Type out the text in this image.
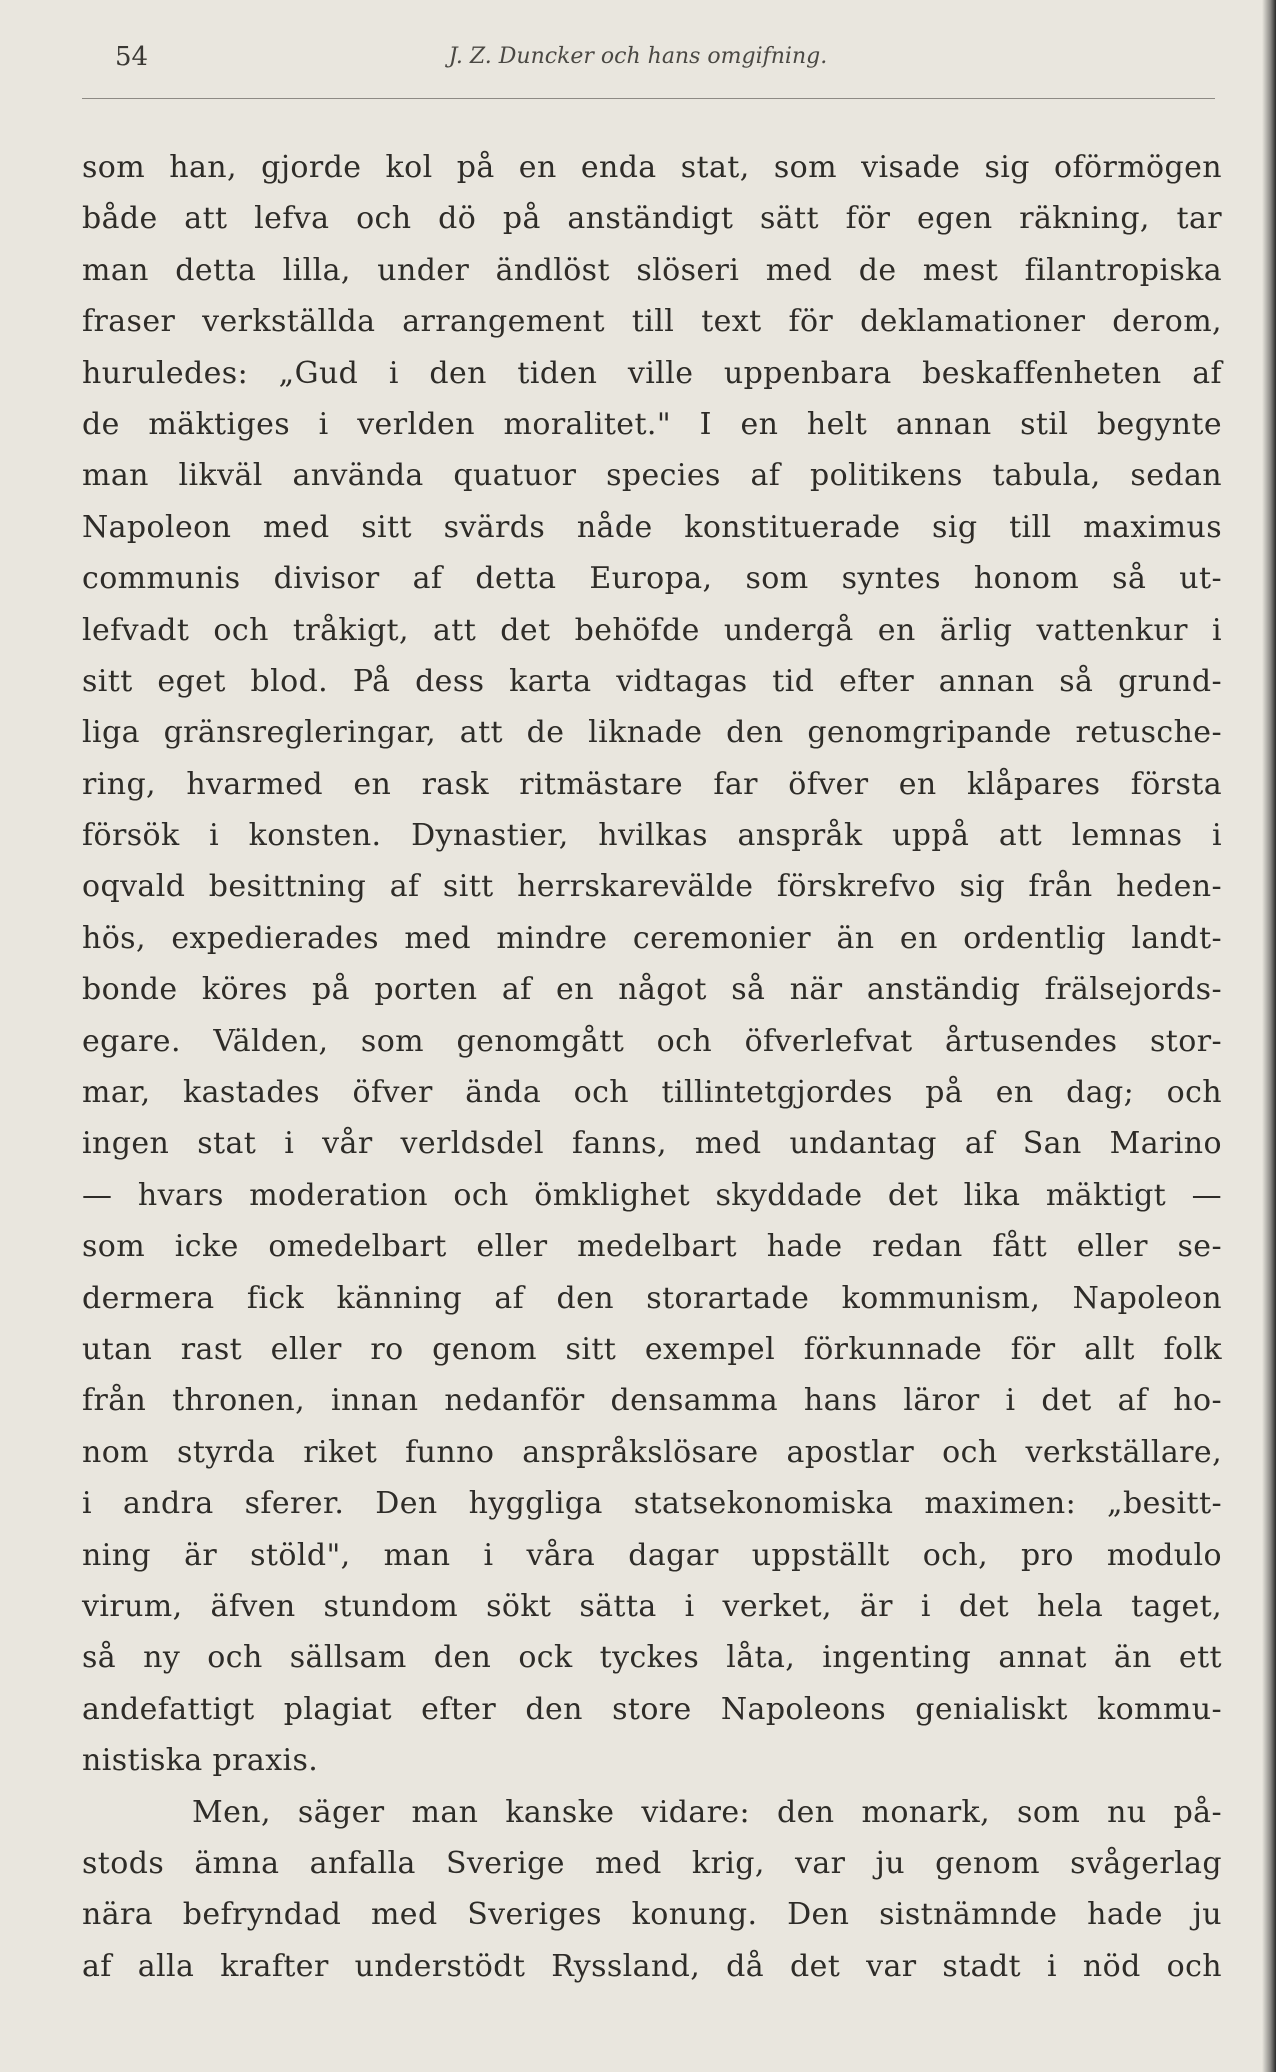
54	J. Z. Duncker och hans omgifning.
som han, gjorde kol på en enda stat, som visade sig oförmögen
både att lefva och dö på anständigt sätt för egen räkning, tar
man detta lilla, under ändlöst slöseri med de mest filantropiska
fraser verkställda arrangement till text för deklamationer derom,
huruledes: „Gud i den tiden ville uppenbara beskaffenheten af
de mäktiges i verlden moralitet." I en helt annan stil begynte
man likväl använda quatuor species af politikens tabula, sedan
Napoleon med sitt svärds nåde konstituerade sig till maximus
communis divisor af detta Europa, som syntes honom så ut-
lefvadt och tråkigt, att det behöfde undergå en ärlig vattenkur i
sitt eget blod. På dess karta vidtagas tid efter annan så grund-
liga gränsregleringar, att de liknade den genomgripande retusche-
ring, hvarmed en rask ritmästare far öfver en klåpares första
försök i konsten. Dynastier, hvilkas anspråk uppå att lemnas i
oqvald besittning af sitt herrskarevälde förskrefvo sig från heden-
hös, expedierades med mindre ceremonier än en ordentlig landt-
bonde köres på porten af en något så när anständig frälsejords-
egare. Välden, som genomgått och öfverlefvat årtusendes stor-
mar, kastades öfver ända och tillintetgjordes på en dag; och
ingen stat i vår verldsdel fanns, med undantag af San Marino
— hvars moderation och ömklighet skyddade det lika mäktigt —
som icke omedelbart eller medelbart hade redan fått eller se-
dermera fick känning af den storartade kommunism, Napoleon
utan rast eller ro genom sitt exempel förkunnade för allt folk
från thronen, innan nedanför densamma hans läror i det af ho-
nom styrda riket funno anspråkslösare apostlar och verkställare,
i andra sferer. Den hyggliga statsekonomiska maximen: „besitt-
ning är stöld", man i våra dagar uppställt och, pro modulo
virum, äfven stundom sökt sätta i verket, är i det hela taget,
så ny och sällsam den ock tyckes låta, ingenting annat än ett
andefattigt plagiat efter den store Napoleons genialiskt kommu-
nistiska praxis.
Men, säger man kanske vidare: den monark, som nu på-
stods ämna anfalla Sverige med krig, var ju genom svågerlag
nära befryndad med Sveriges konung. Den sistnämnde hade ju
af alla krafter understödt Ryssland, då det var stadt i nöd och
